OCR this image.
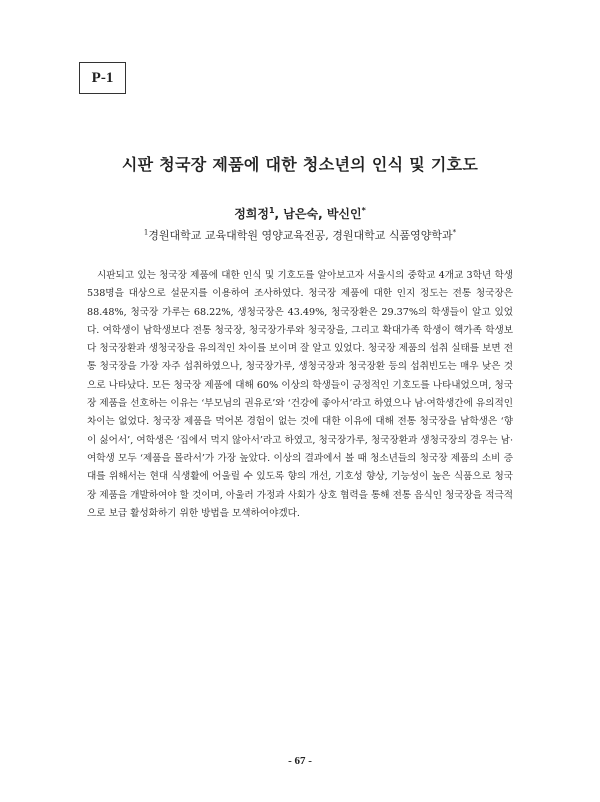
P-1
시판 청국장 제품에 대한 청소년의 인식 및 기호도
정희정$^1$, 남은숙, 박신인*
$^1$경원대학교 교육대학원 영양교육전공, 경원대학교 식품영양학과*
시판되고 있는 청국장 제품에 대한 인식 및 기호도를 알아보고자 서울시의 중학교 4개교 3학년 학생 538명을 대상으로 설문지를 이용하여 조사하였다. 청국장 제품에 대한 인지 정도는 전통 청국장은 88.48%, 청국장 가루는 68.22%, 생청국장은 43.49%, 청국장환은 29.37%의 학생들이 알고 있었다. 여학생이 남학생보다 전통 청국장, 청국장가루와 청국장을, 그리고 확대가족 학생이 핵가족 학생보다 청국장환과 생청국장을 유의적인 차이를 보이며 잘 알고 있었다. 청국장 제품의 섭취 실태를 보면 전통 청국장을 가장 자주 섭취하였으나, 청국장가루, 생청국장과 청국장환 등의 섭취빈도는 매우 낮은 것으로 나타났다. 모든 청국장 제품에 대해 60% 이상의 학생들이 긍정적인 기호도를 나타내었으며, 청국장 제품을 선호하는 이유는 ‘부모님의 권유로’와 ‘건강에 좋아서’라고 하였으나 남·여학생간에 유의적인 차이는 없었다. 청국장 제품을 먹어본 경험이 없는 것에 대한 이유에 대해 전통 청국장을 남학생은 ‘향이 싫어서’, 여학생은 ‘집에서 먹지 않아서’라고 하였고, 청국장가루, 청국장환과 생청국장의 경우는 남·여학생 모두 ‘제품을 몰라서’가 가장 높았다. 이상의 결과에서 볼 때 청소년들의 청국장 제품의 소비 증대를 위해서는 현대 식생활에 어울릴 수 있도록 향의 개선, 기호성 향상, 기능성이 높은 식품으로 청국장 제품을 개발하여야 할 것이며, 아울러 가정과 사회가 상호 협력을 통해 전통 음식인 청국장을 적극적으로 보급 활성화하기 위한 방법을 모색하여야겠다.
- 67 -
